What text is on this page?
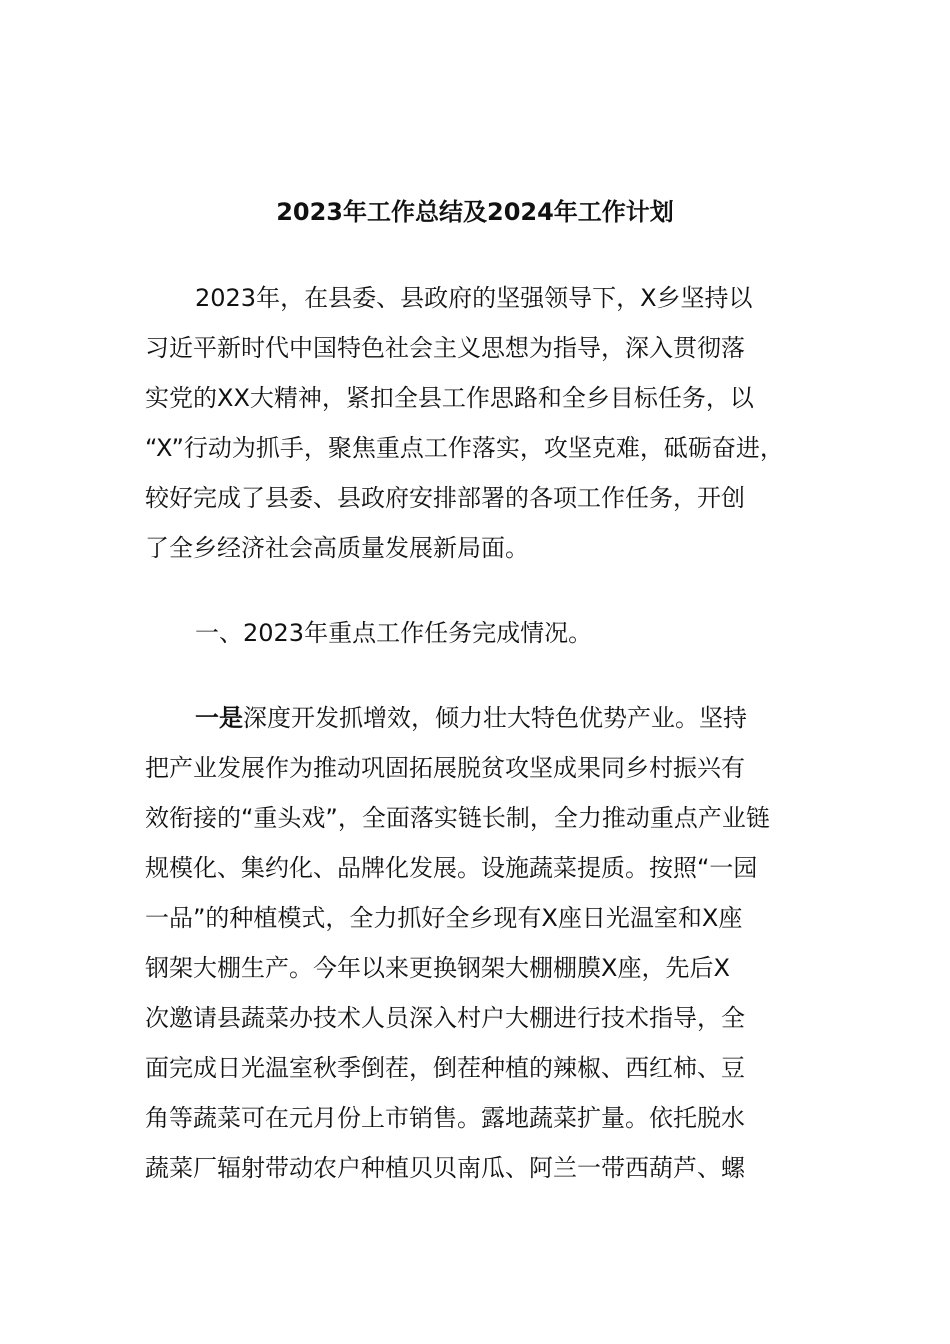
2023年工作总结及2024年工作计划
2023年，在县委、县政府的坚强领导下，X乡坚持以
习近平新时代中国特色社会主义思想为指导，深入贯彻落
实党的XX大精神，紧扣全县工作思路和全乡目标任务，以
“X”行动为抓手，聚焦重点工作落实，攻坚克难，砥砺奋进，
较好完成了县委、县政府安排部署的各项工作任务，开创
了全乡经济社会高质量发展新局面。
一、2023年重点工作任务完成情况。
一是深度开发抓增效，倾力壮大特色优势产业。坚持
把产业发展作为推动巩固拓展脱贫攻坚成果同乡村振兴有
效衔接的“重头戏”，全面落实链长制，全力推动重点产业链
规模化、集约化、品牌化发展。设施蔬菜提质。按照“一园
一品”的种植模式，全力抓好全乡现有X座日光温室和X座
钢架大棚生产。今年以来更换钢架大棚棚膜X座，先后X
次邀请县蔬菜办技术人员深入村户大棚进行技术指导，全
面完成日光温室秋季倒茬，倒茬种植的辣椒、西红柿、豆
角等蔬菜可在元月份上市销售。露地蔬菜扩量。依托脱水
蔬菜厂辐射带动农户种植贝贝南瓜、阿兰一带西葫芦、螺
